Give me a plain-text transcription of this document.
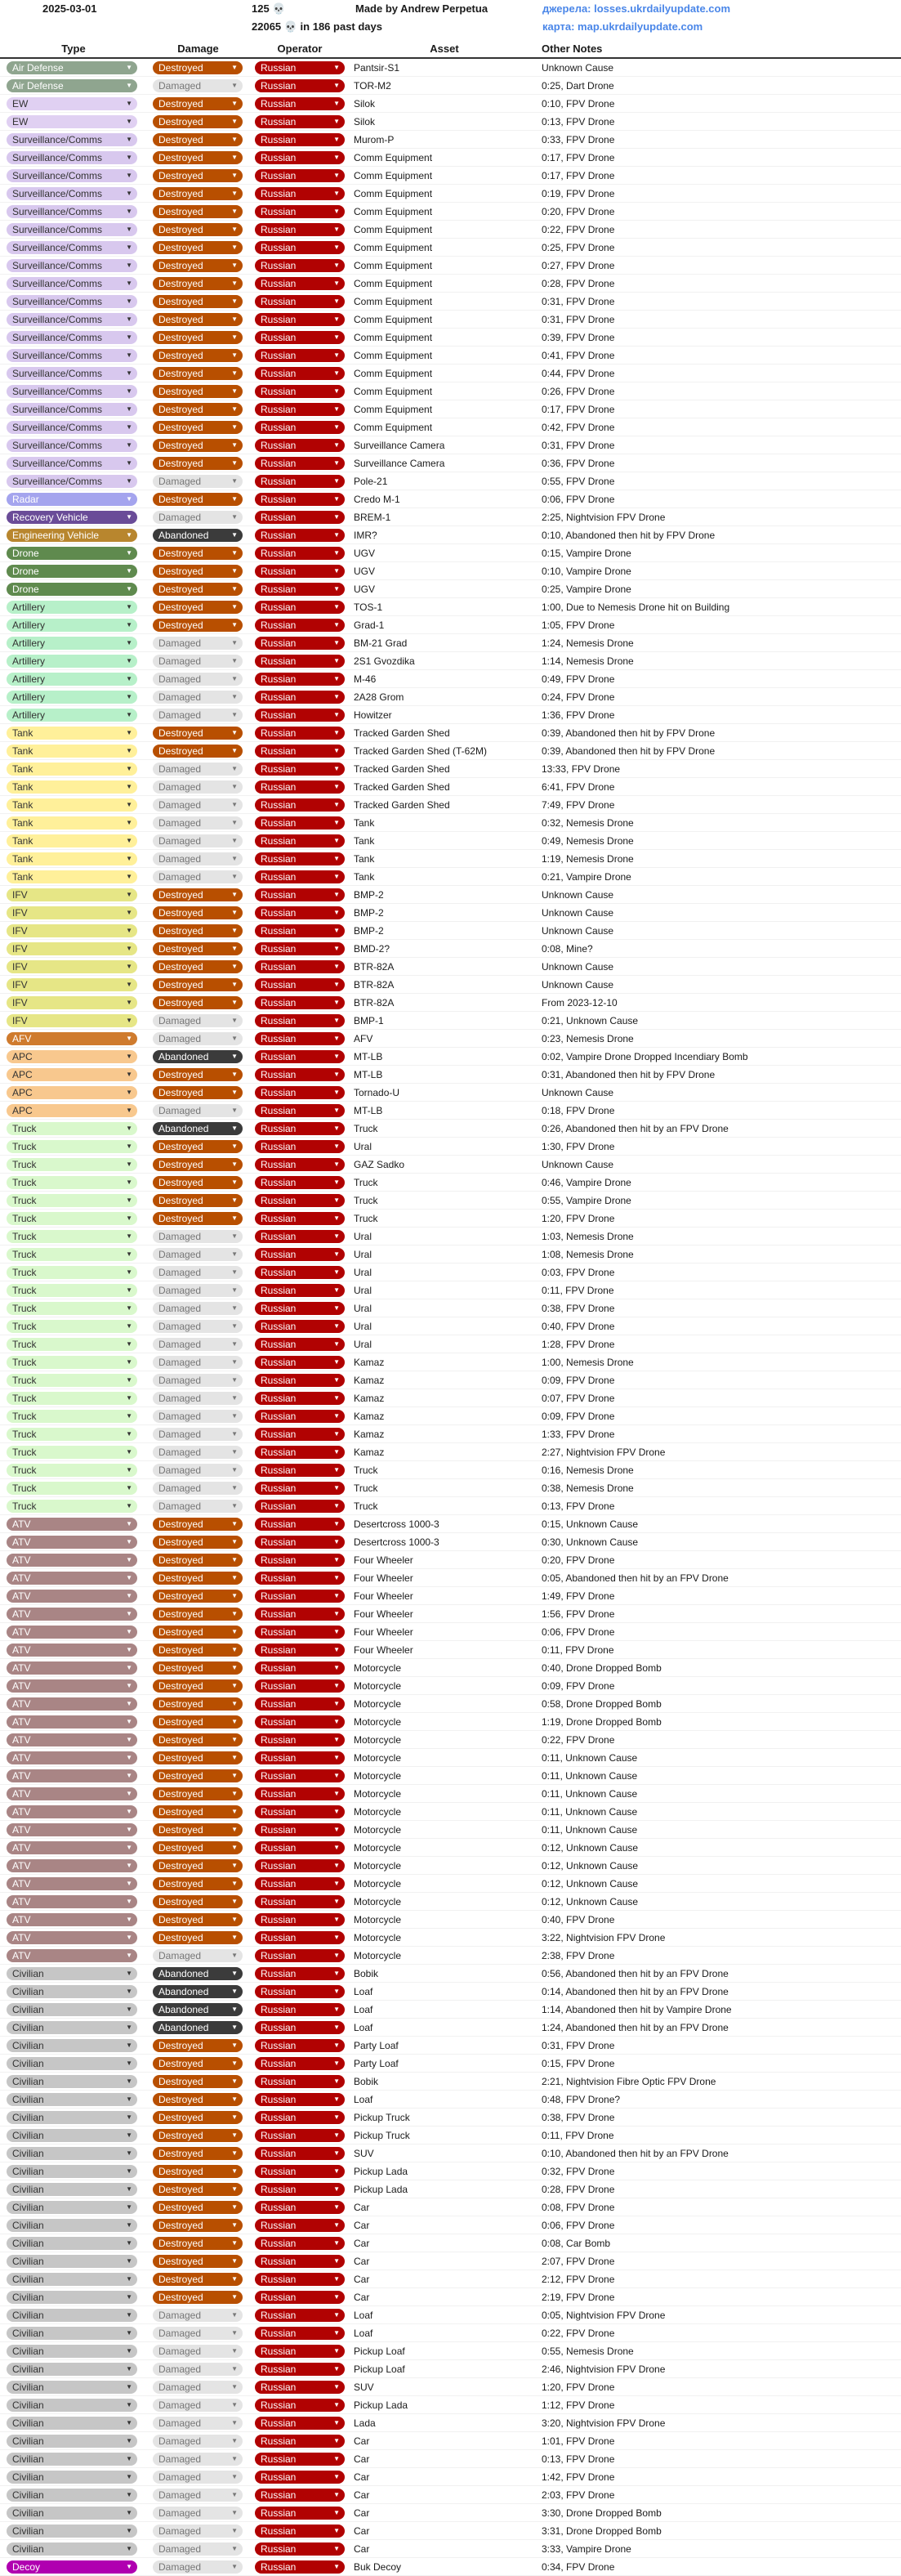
2025-03-01	125 💀
22065 💀 in 186 past days
Made by Andrew Perpetua	джерела: losses.ukrdailyupdate.com
карта: map.ukrdailyupdate.com
Type	Damage	Operator	Asset	Other Notes
Air Defense	▼	Destroyed	▼ Russian	▼	Pantsir-S1	Unknown Cause
Air Defense	▼	Damaged	▼ Russian	▼	TOR-M2	0:25, Dart Drone
EW	▼	Destroyed	▼ Russian	▼	Silok	0:10, FPV Drone
EW	▼	Destroyed	▼ Russian	▼	Silok	0:13, FPV Drone
Surveillance/Comms	▼	Destroyed	▼ Russian	▼	Murom-P	0:33, FPV Drone
Surveillance/Comms	▼	Destroyed	▼ Russian	▼	Comm Equipment	0:17, FPV Drone
Surveillance/Comms	▼	Destroyed	▼ Russian	▼	Comm Equipment	0:17, FPV Drone
Surveillance/Comms	▼	Destroyed	▼ Russian	▼	Comm Equipment	0:19, FPV Drone
Surveillance/Comms	▼	Destroyed	▼ Russian	▼	Comm Equipment	0:20, FPV Drone
Surveillance/Comms	▼	Destroyed	▼ Russian	▼	Comm Equipment	0:22, FPV Drone
Surveillance/Comms	▼	Destroyed	▼ Russian	▼	Comm Equipment	0:25, FPV Drone
Surveillance/Comms	▼	Destroyed	▼ Russian	▼	Comm Equipment	0:27, FPV Drone
Surveillance/Comms	▼	Destroyed	▼ Russian	▼	Comm Equipment	0:28, FPV Drone
Surveillance/Comms	▼	Destroyed	▼ Russian	▼	Comm Equipment	0:31, FPV Drone
Surveillance/Comms	▼	Destroyed	▼ Russian	▼	Comm Equipment	0:31, FPV Drone
Surveillance/Comms	▼	Destroyed	▼ Russian	▼	Comm Equipment	0:39, FPV Drone
Surveillance/Comms	▼	Destroyed	▼ Russian	▼	Comm Equipment	0:41, FPV Drone
Surveillance/Comms	▼	Destroyed	▼ Russian	▼	Comm Equipment	0:44, FPV Drone
Surveillance/Comms	▼	Destroyed	▼ Russian	▼	Comm Equipment	0:26, FPV Drone
Surveillance/Comms	▼	Destroyed	▼ Russian	▼	Comm Equipment	0:17, FPV Drone
Surveillance/Comms	▼	Destroyed	▼ Russian	▼	Comm Equipment	0:42, FPV Drone
Surveillance/Comms	▼	Destroyed	▼ Russian	▼	Surveillance Camera	0:31, FPV Drone
Surveillance/Comms	▼	Destroyed	▼ Russian	▼	Surveillance Camera	0:36, FPV Drone
Surveillance/Comms	▼	Damaged	▼ Russian	▼	Pole-21	0:55, FPV Drone
Radar	▼	Destroyed	▼ Russian	▼	Credo M-1	0:06, FPV Drone
Recovery Vehicle	▼	Damaged	▼ Russian	▼	BREM-1	2:25, Nightvision FPV Drone
Engineering Vehicle	▼	Abandoned	▼ Russian	▼	IMR?	0:10, Abandoned then hit by FPV Drone
Drone	▼	Destroyed	▼ Russian	▼	UGV	0:15, Vampire Drone
Drone	▼	Destroyed	▼ Russian	▼	UGV	0:10, Vampire Drone
Drone	▼	Destroyed	▼ Russian	▼	UGV	0:25, Vampire Drone
Artillery	▼	Destroyed	▼ Russian	▼	TOS-1	1:00, Due to Nemesis Drone hit on Building
Artillery	▼	Destroyed	▼ Russian	▼	Grad-1	1:05, FPV Drone
Artillery	▼	Damaged	▼ Russian	▼	BM-21 Grad	1:24, Nemesis Drone
Artillery	▼	Damaged	▼ Russian	▼	2S1 Gvozdika	1:14, Nemesis Drone
Artillery	▼	Damaged	▼ Russian	▼	M-46	0:49, FPV Drone
Artillery	▼	Damaged	▼ Russian	▼	2A28 Grom	0:24, FPV Drone
Artillery	▼	Damaged	▼ Russian	▼	Howitzer	1:36, FPV Drone
Tank	▼	Destroyed	▼ Russian	▼	Tracked Garden Shed	0:39, Abandoned then hit by FPV Drone
Tank	▼	Destroyed	▼ Russian	▼	Tracked Garden Shed (T-62M)	0:39, Abandoned then hit by FPV Drone
Tank	▼	Damaged	▼ Russian	▼	Tracked Garden Shed	13:33, FPV Drone
Tank	▼	Damaged	▼ Russian	▼	Tracked Garden Shed	6:41, FPV Drone
Tank	▼	Damaged	▼ Russian	▼	Tracked Garden Shed	7:49, FPV Drone
Tank	▼	Damaged	▼ Russian	▼	Tank	0:32, Nemesis Drone
Tank	▼	Damaged	▼ Russian	▼	Tank	0:49, Nemesis Drone
Tank	▼	Damaged	▼ Russian	▼	Tank	1:19, Nemesis Drone
Tank	▼	Damaged	▼ Russian	▼	Tank	0:21, Vampire Drone
IFV	▼	Destroyed	▼ Russian	▼	BMP-2	Unknown Cause
IFV	▼	Destroyed	▼ Russian	▼	BMP-2	Unknown Cause
IFV	▼	Destroyed	▼ Russian	▼	BMP-2	Unknown Cause
IFV	▼	Destroyed	▼ Russian	▼	BMD-2?	0:08, Mine?
IFV	▼	Destroyed	▼ Russian	▼	BTR-82A	Unknown Cause
IFV	▼	Destroyed	▼ Russian	▼	BTR-82A	Unknown Cause
IFV	▼	Destroyed	▼ Russian	▼	BTR-82A	From 2023-12-10
IFV	▼	Damaged	▼ Russian	▼	BMP-1	0:21, Unknown Cause
AFV	▼	Damaged	▼ Russian	▼	AFV	0:23, Nemesis Drone
APC	▼	Abandoned	▼ Russian	▼	MT-LB	0:02, Vampire Drone Dropped Incendiary Bomb
APC	▼	Destroyed	▼ Russian	▼	MT-LB	0:31, Abandoned then hit by FPV Drone
APC	▼	Destroyed	▼ Russian	▼	Tornado-U	Unknown Cause
APC	▼	Damaged	▼ Russian	▼	MT-LB	0:18, FPV Drone
Truck	▼	Abandoned	▼ Russian	▼	Truck	0:26, Abandoned then hit by an FPV Drone
Truck	▼	Destroyed	▼ Russian	▼	Ural	1:30, FPV Drone
Truck	▼	Destroyed	▼ Russian	▼	GAZ Sadko	Unknown Cause
Truck	▼	Destroyed	▼ Russian	▼	Truck	0:46, Vampire Drone
Truck	▼	Destroyed	▼ Russian	▼	Truck	0:55, Vampire Drone
Truck	▼	Destroyed	▼ Russian	▼	Truck	1:20, FPV Drone
Truck	▼	Damaged	▼ Russian	▼	Ural	1:03, Nemesis Drone
Truck	▼	Damaged	▼ Russian	▼	Ural	1:08, Nemesis Drone
Truck	▼	Damaged	▼ Russian	▼	Ural	0:03, FPV Drone
Truck	▼	Damaged	▼ Russian	▼	Ural	0:11, FPV Drone
Truck	▼	Damaged	▼ Russian	▼	Ural	0:38, FPV Drone
Truck	▼	Damaged	▼ Russian	▼	Ural	0:40, FPV Drone
Truck	▼	Damaged	▼ Russian	▼	Ural	1:28, FPV Drone
Truck	▼	Damaged	▼ Russian	▼	Kamaz	1:00, Nemesis Drone
Truck	▼	Damaged	▼ Russian	▼	Kamaz	0:09, FPV Drone
Truck	▼	Damaged	▼ Russian	▼	Kamaz	0:07, FPV Drone
Truck	▼	Damaged	▼ Russian	▼	Kamaz	0:09, FPV Drone
Truck	▼	Damaged	▼ Russian	▼	Kamaz	1:33, FPV Drone
Truck	▼	Damaged	▼ Russian	▼	Kamaz	2:27, Nightvision FPV Drone
Truck	▼	Damaged	▼ Russian	▼	Truck	0:16, Nemesis Drone
Truck	▼	Damaged	▼ Russian	▼	Truck	0:38, Nemesis Drone
Truck	▼	Damaged	▼ Russian	▼	Truck	0:13, FPV Drone
ATV	▼	Destroyed	▼ Russian	▼	Desertcross 1000-3	0:15, Unknown Cause
ATV	▼	Destroyed	▼ Russian	▼	Desertcross 1000-3	0:30, Unknown Cause
ATV	▼	Destroyed	▼ Russian	▼	Four Wheeler	0:20, FPV Drone
ATV	▼	Destroyed	▼ Russian	▼	Four Wheeler	0:05, Abandoned then hit by an FPV Drone
ATV	▼	Destroyed	▼ Russian	▼	Four Wheeler	1:49, FPV Drone
ATV	▼	Destroyed	▼ Russian	▼	Four Wheeler	1:56, FPV Drone
ATV	▼	Destroyed	▼ Russian	▼	Four Wheeler	0:06, FPV Drone
ATV	▼	Destroyed	▼ Russian	▼	Four Wheeler	0:11, FPV Drone
ATV	▼	Destroyed	▼ Russian	▼	Motorcycle	0:40, Drone Dropped Bomb
ATV	▼	Destroyed	▼ Russian	▼	Motorcycle	0:09, FPV Drone
ATV	▼	Destroyed	▼ Russian	▼	Motorcycle	0:58, Drone Dropped Bomb
ATV	▼	Destroyed	▼ Russian	▼	Motorcycle	1:19, Drone Dropped Bomb
ATV	▼	Destroyed	▼ Russian	▼	Motorcycle	0:22, FPV Drone
ATV	▼	Destroyed	▼ Russian	▼	Motorcycle	0:11, Unknown Cause
ATV	▼	Destroyed	▼ Russian	▼	Motorcycle	0:11, Unknown Cause
ATV	▼	Destroyed	▼ Russian	▼	Motorcycle	0:11, Unknown Cause
ATV	▼	Destroyed	▼ Russian	▼	Motorcycle	0:11, Unknown Cause
ATV	▼	Destroyed	▼ Russian	▼	Motorcycle	0:11, Unknown Cause
ATV	▼	Destroyed	▼ Russian	▼	Motorcycle	0:12, Unknown Cause
ATV	▼	Destroyed	▼ Russian	▼	Motorcycle	0:12, Unknown Cause
ATV	▼	Destroyed	▼ Russian	▼	Motorcycle	0:12, Unknown Cause
ATV	▼	Destroyed	▼ Russian	▼	Motorcycle	0:12, Unknown Cause
ATV	▼	Destroyed	▼ Russian	▼	Motorcycle	0:40, FPV Drone
ATV	▼	Destroyed	▼ Russian	▼	Motorcycle	3:22, Nightvision FPV Drone
ATV	▼	Damaged	▼ Russian	▼	Motorcycle	2:38, FPV Drone
Civilian	▼	Abandoned	▼ Russian	▼	Bobik	0:56, Abandoned then hit by an FPV Drone
Civilian	▼	Abandoned	▼ Russian	▼	Loaf	0:14, Abandoned then hit by an FPV Drone
Civilian	▼	Abandoned	▼ Russian	▼	Loaf	1:14, Abandoned then hit by Vampire Drone
Civilian	▼	Abandoned	▼ Russian	▼	Loaf	1:24, Abandoned then hit by an FPV Drone
Civilian	▼	Destroyed	▼ Russian	▼	Party Loaf	0:31, FPV Drone
Civilian	▼	Destroyed	▼ Russian	▼	Party Loaf	0:15, FPV Drone
Civilian	▼	Destroyed	▼ Russian	▼	Bobik	2:21, Nightvision Fibre Optic FPV Drone
Civilian	▼	Destroyed	▼ Russian	▼	Loaf	0:48, FPV Drone?
Civilian	▼	Destroyed	▼ Russian	▼	Pickup Truck	0:38, FPV Drone
Civilian	▼	Destroyed	▼ Russian	▼	Pickup Truck	0:11, FPV Drone
Civilian	▼	Destroyed	▼ Russian	▼	SUV	0:10, Abandoned then hit by an FPV Drone
Civilian	▼	Destroyed	▼ Russian	▼	Pickup Lada	0:32, FPV Drone
Civilian	▼	Destroyed	▼ Russian	▼	Pickup Lada	0:28, FPV Drone
Civilian	▼	Destroyed	▼ Russian	▼	Car	0:08, FPV Drone
Civilian	▼	Destroyed	▼ Russian	▼	Car	0:06, FPV Drone
Civilian	▼	Destroyed	▼ Russian	▼	Car	0:08, Car Bomb
Civilian	▼	Destroyed	▼ Russian	▼	Car	2:07, FPV Drone
Civilian	▼	Destroyed	▼ Russian	▼	Car	2:12, FPV Drone
Civilian	▼	Destroyed	▼ Russian	▼	Car	2:19, FPV Drone
Civilian	▼	Damaged	▼ Russian	▼	Loaf	0:05, Nightvision FPV Drone
Civilian	▼	Damaged	▼ Russian	▼	Loaf	0:22, FPV Drone
Civilian	▼	Damaged	▼ Russian	▼	Pickup Loaf	0:55, Nemesis Drone
Civilian	▼	Damaged	▼ Russian	▼	Pickup Loaf	2:46, Nightvision FPV Drone
Civilian	▼	Damaged	▼ Russian	▼	SUV	1:20, FPV Drone
Civilian	▼	Damaged	▼ Russian	▼	Pickup Lada	1:12, FPV Drone
Civilian	▼	Damaged	▼ Russian	▼	Lada	3:20, Nightvision FPV Drone
Civilian	▼	Damaged	▼ Russian	▼	Car	1:01, FPV Drone
Civilian	▼	Damaged	▼ Russian	▼	Car	0:13, FPV Drone
Civilian	▼	Damaged	▼ Russian	▼	Car	1:42, FPV Drone
Civilian	▼	Damaged	▼ Russian	▼	Car	2:03, FPV Drone
Civilian	▼	Damaged	▼ Russian	▼	Car	3:30, Drone Dropped Bomb
Civilian	▼	Damaged	▼ Russian	▼	Car	3:31, Drone Dropped Bomb
Civilian	▼	Damaged	▼ Russian	▼	Car	3:33, Vampire Drone
Decoy	▼	Damaged	▼ Russian	▼	Buk Decoy	0:34, FPV Drone
